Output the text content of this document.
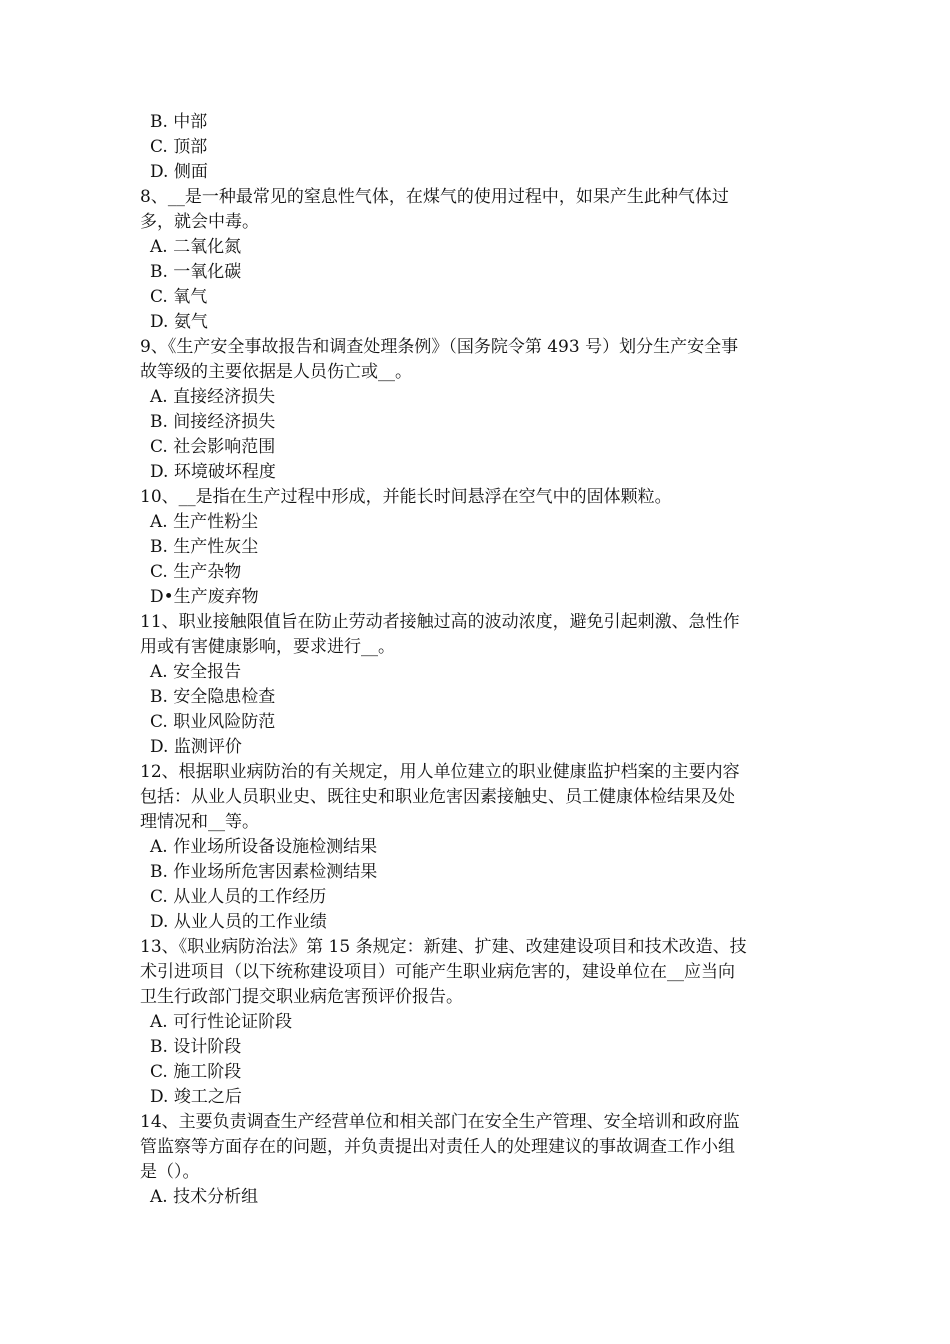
B. 中部
C. 顶部
D. 侧面
8、__是一种最常见的窒息性气体，在煤气的使用过程中，如果产生此种气体过
多，就会中毒。
A. 二氧化氮
B. 一氧化碳
C. 氧气
D. 氨气
9、《生产安全事故报告和调查处理条例》（国务院令第 493 号）划分生产安全事
故等级的主要依据是人员伤亡或__。
A. 直接经济损失
B. 间接经济损失
C. 社会影响范围
D. 环境破坏程度
10、__是指在生产过程中形成，并能长时间悬浮在空气中的固体颗粒。
A. 生产性粉尘
B. 生产性灰尘
C. 生产杂物
D•生产废弃物
11、职业接触限值旨在防止劳动者接触过高的波动浓度，避免引起刺激、急性作
用或有害健康影响，要求进行__。
A. 安全报告
B. 安全隐患检查
C. 职业风险防范
D. 监测评价
12、根据职业病防治的有关规定，用人单位建立的职业健康监护档案的主要内容
包括：从业人员职业史、既往史和职业危害因素接触史、员工健康体检结果及处
理情况和__等。
A. 作业场所设备设施检测结果
B. 作业场所危害因素检测结果
C. 从业人员的工作经历
D. 从业人员的工作业绩
13、《职业病防治法》第 15 条规定：新建、扩建、改建建设项目和技术改造、技
术引进项目（以下统称建设项目）可能产生职业病危害的，建设单位在__应当向
卫生行政部门提交职业病危害预评价报告。
A. 可行性论证阶段
B. 设计阶段
C. 施工阶段
D. 竣工之后
14、主要负责调查生产经营单位和相关部门在安全生产管理、安全培训和政府监
管监察等方面存在的问题，并负责提出对责任人的处理建议的事故调查工作小组
是（）。
A. 技术分析组
